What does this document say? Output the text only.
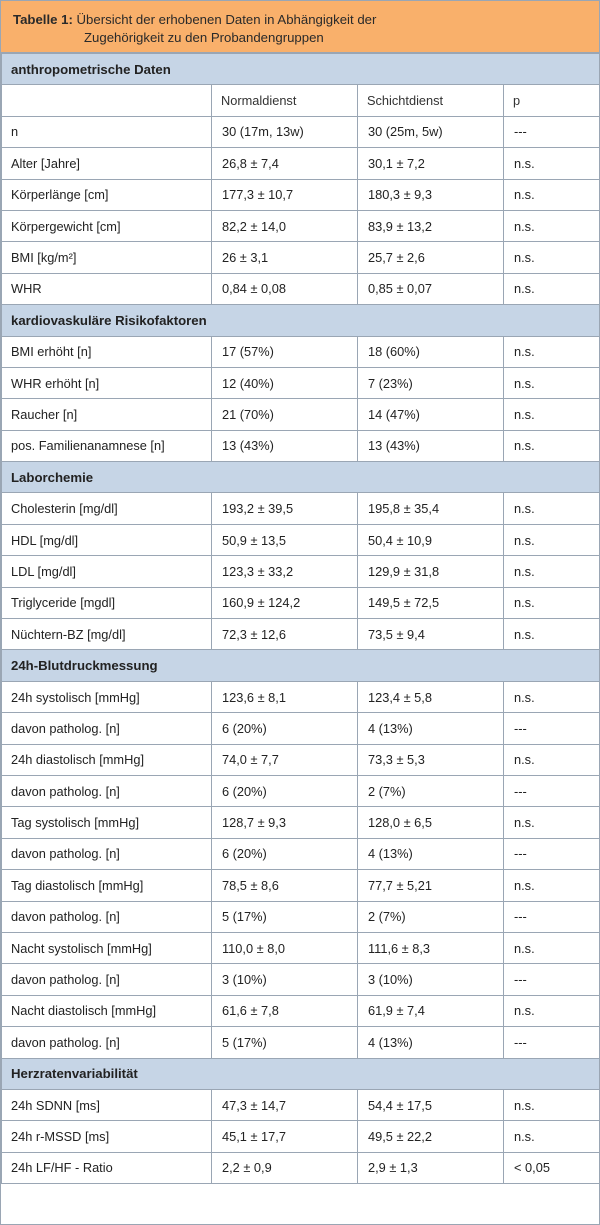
Tabelle 1: Übersicht der erhobenen Daten in Abhängigkeit der
Zugehörigkeit zu den Probandengruppen
anthropometrische Daten			
	Normaldienst	Schichtdienst	p
n	30 (17m, 13w)	30 (25m, 5w)	---
Alter [Jahre]	26,8 ± 7,4	30,1 ± 7,2	n.s.
Körperlänge [cm]	177,3 ± 10,7	180,3 ± 9,3	n.s.
Körpergewicht [cm]	82,2 ± 14,0	83,9 ± 13,2	n.s.
BMI [kg/m²]	26 ± 3,1	25,7 ± 2,6	n.s.
WHR	0,84 ± 0,08	0,85 ± 0,07	n.s.
kardiovaskuläre Risikofaktoren			
BMI erhöht [n]	17 (57%)	18 (60%)	n.s.
WHR erhöht [n]	12 (40%)	7 (23%)	n.s.
Raucher [n]	21 (70%)	14 (47%)	n.s.
pos. Familienanamnese [n]	13 (43%)	13 (43%)	n.s.
Laborchemie			
Cholesterin [mg/dl]	193,2 ± 39,5	195,8 ± 35,4	n.s.
HDL [mg/dl]	50,9 ± 13,5	50,4 ± 10,9	n.s.
LDL [mg/dl]	123,3 ± 33,2	129,9 ± 31,8	n.s.
Triglyceride [mgdl]	160,9 ± 124,2	149,5 ± 72,5	n.s.
Nüchtern-BZ [mg/dl]	72,3 ± 12,6	73,5 ± 9,4	n.s.
24h-Blutdruckmessung			
24h systolisch [mmHg]	123,6 ± 8,1	123,4 ± 5,8	n.s.
davon patholog. [n]	6 (20%)	4 (13%)	---
24h diastolisch [mmHg]	74,0 ± 7,7	73,3 ± 5,3	n.s.
davon patholog. [n]	6 (20%)	2 (7%)	---
Tag systolisch [mmHg]	128,7 ± 9,3	128,0 ± 6,5	n.s.
davon patholog. [n]	6 (20%)	4 (13%)	---
Tag diastolisch [mmHg]	78,5 ± 8,6	77,7 ± 5,21	n.s.
davon patholog. [n]	5 (17%)	2 (7%)	---
Nacht systolisch [mmHg]	110,0 ± 8,0	111,6 ± 8,3	n.s.
davon patholog. [n]	3 (10%)	3 (10%)	---
Nacht diastolisch [mmHg]	61,6 ± 7,8	61,9 ± 7,4	n.s.
davon patholog. [n]	5 (17%)	4 (13%)	---
Herzratenvariabilität			
24h SDNN [ms]	47,3 ± 14,7	54,4 ± 17,5	n.s.
24h r-MSSD [ms]	45,1 ± 17,7	49,5 ± 22,2	n.s.
24h LF/HF - Ratio	2,2 ± 0,9	2,9 ± 1,3	< 0,05
